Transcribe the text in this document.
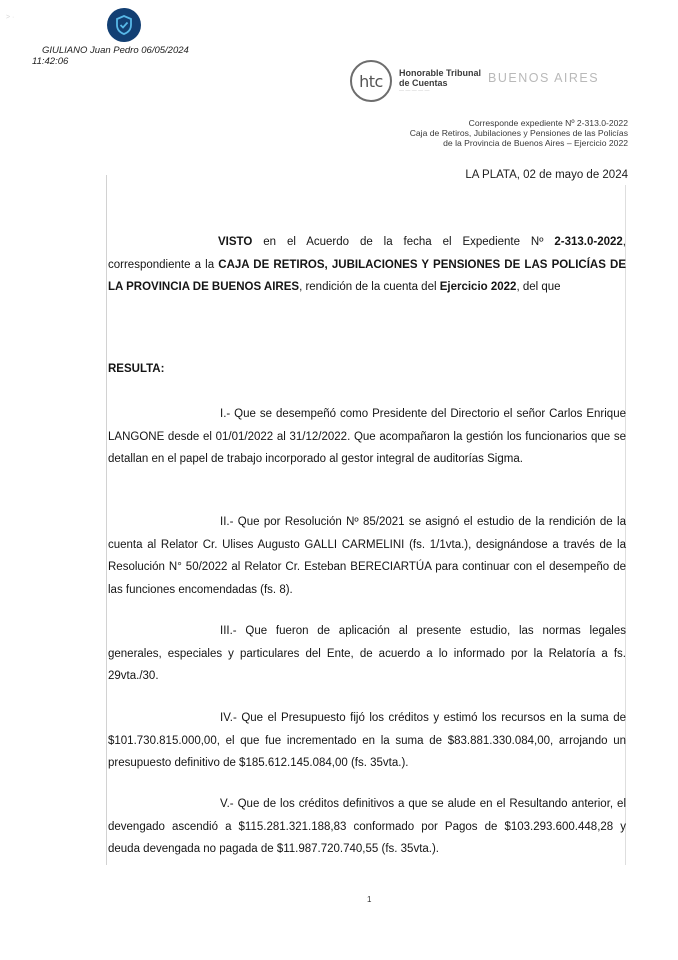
> ·
GIULIANO Juan Pedro 06/05/2024
11:42:06
htc	Honorable Tribunal
de Cuentas
— — — — —
BUENOS AIRES
Corresponde expediente Nº 2-313.0-2022
Caja de Retiros, Jubilaciones y Pensiones de las Policías
de la Provincia de Buenos Aires – Ejercicio 2022
LA PLATA, 02 de mayo de 2024
VISTO en el Acuerdo de la fecha el Expediente Nº 2-313.0-2022, correspondiente a la CAJA DE RETIROS, JUBILACIONES Y PENSIONES DE LAS POLICÍAS DE LA PROVINCIA DE BUENOS AIRES, rendición de la cuenta del Ejercicio 2022, del que
RESULTA:
I.- Que se desempeñó como Presidente del Directorio el señor Carlos Enrique LANGONE desde el 01/01/2022 al 31/12/2022. Que acompañaron la gestión los funcionarios que se detallan en el papel de trabajo incorporado al gestor integral de auditorías Sigma.
II.- Que por Resolución Nº 85/2021 se asignó el estudio de la rendición de la cuenta al Relator Cr. Ulises Augusto GALLI CARMELINI (fs. 1/1vta.), designándose a través de la Resolución N° 50/2022 al Relator Cr. Esteban BERECIARTÚA para continuar con el desempeño de las funciones encomendadas (fs. 8).
III.- Que fueron de aplicación al presente estudio, las normas legales generales, especiales y particulares del Ente, de acuerdo a lo informado por la Relatoría a fs. 29vta./30.
IV.- Que el Presupuesto fijó los créditos y estimó los recursos en la suma de $101.730.815.000,00, el que fue incrementado en la suma de $83.881.330.084,00, arrojando un presupuesto definitivo de $185.612.145.084,00 (fs. 35vta.).
V.- Que de los créditos definitivos a que se alude en el Resultando anterior, el devengado ascendió a $115.281.321.188,83 conformado por Pagos de $103.293.600.448,28 y deuda devengada no pagada de $11.987.720.740,55 (fs. 35vta.).
1
